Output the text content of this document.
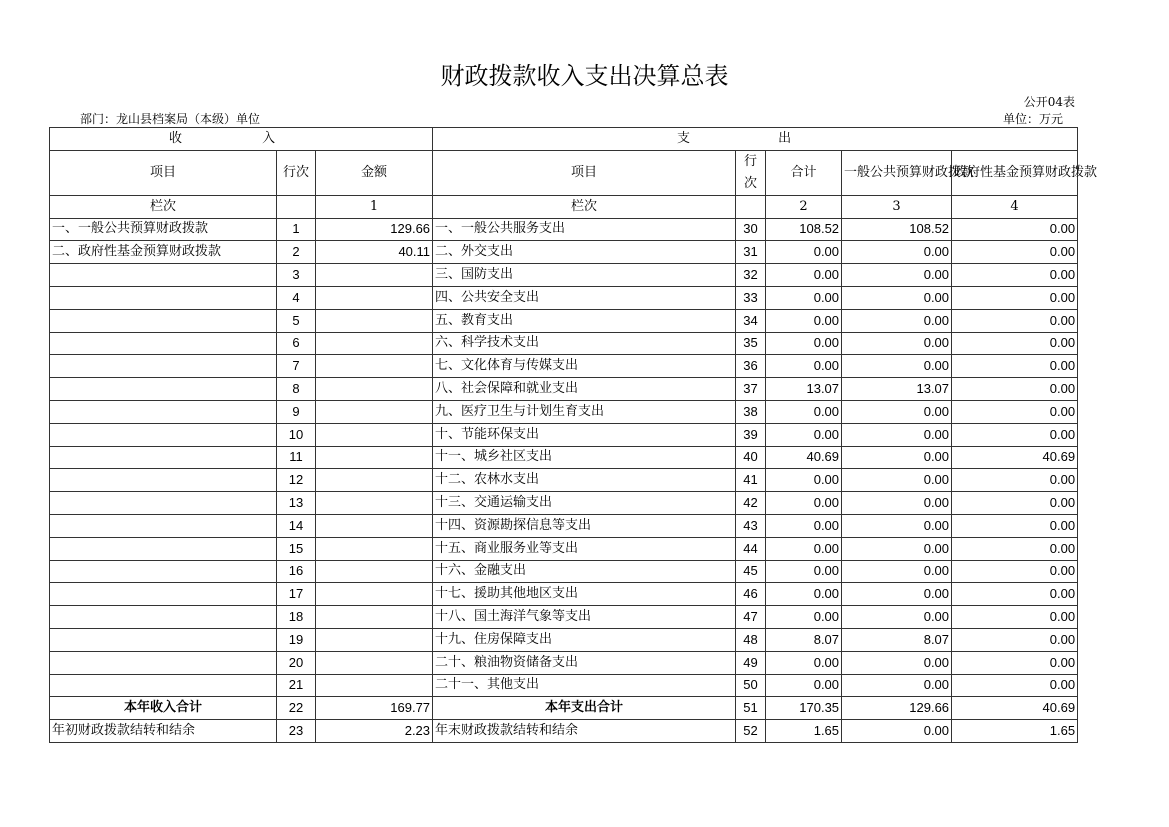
财政拨款收入支出决算总表
公开04表
部门：龙山县档案局（本级）单位	单位：万元
收 入			支 出				
项目	行次	金额	项目	行次	合计	一般公共预算财政拨款	政府性基金预算财政拨款
栏次		1	栏次		2	3	4
一、一般公共预算财政拨款	1	129.66	一、一般公共服务支出	30	108.52	108.52	0.00
二、政府性基金预算财政拨款	2	40.11	二、外交支出	31	0.00	0.00	0.00
	3		三、国防支出	32	0.00	0.00	0.00
	4		四、公共安全支出	33	0.00	0.00	0.00
	5		五、教育支出	34	0.00	0.00	0.00
	6		六、科学技术支出	35	0.00	0.00	0.00
	7		七、文化体育与传媒支出	36	0.00	0.00	0.00
	8		八、社会保障和就业支出	37	13.07	13.07	0.00
	9		九、医疗卫生与计划生育支出	38	0.00	0.00	0.00
	10		十、节能环保支出	39	0.00	0.00	0.00
	11		十一、城乡社区支出	40	40.69	0.00	40.69
	12		十二、农林水支出	41	0.00	0.00	0.00
	13		十三、交通运输支出	42	0.00	0.00	0.00
	14		十四、资源勘探信息等支出	43	0.00	0.00	0.00
	15		十五、商业服务业等支出	44	0.00	0.00	0.00
	16		十六、金融支出	45	0.00	0.00	0.00
	17		十七、援助其他地区支出	46	0.00	0.00	0.00
	18		十八、国土海洋气象等支出	47	0.00	0.00	0.00
	19		十九、住房保障支出	48	8.07	8.07	0.00
	20		二十、粮油物资储备支出	49	0.00	0.00	0.00
	21		二十一、其他支出	50	0.00	0.00	0.00
本年收入合计	22	169.77	本年支出合计	51	170.35	129.66	40.69
年初财政拨款结转和结余	23	2.23	年末财政拨款结转和结余	52	1.65	0.00	1.65
